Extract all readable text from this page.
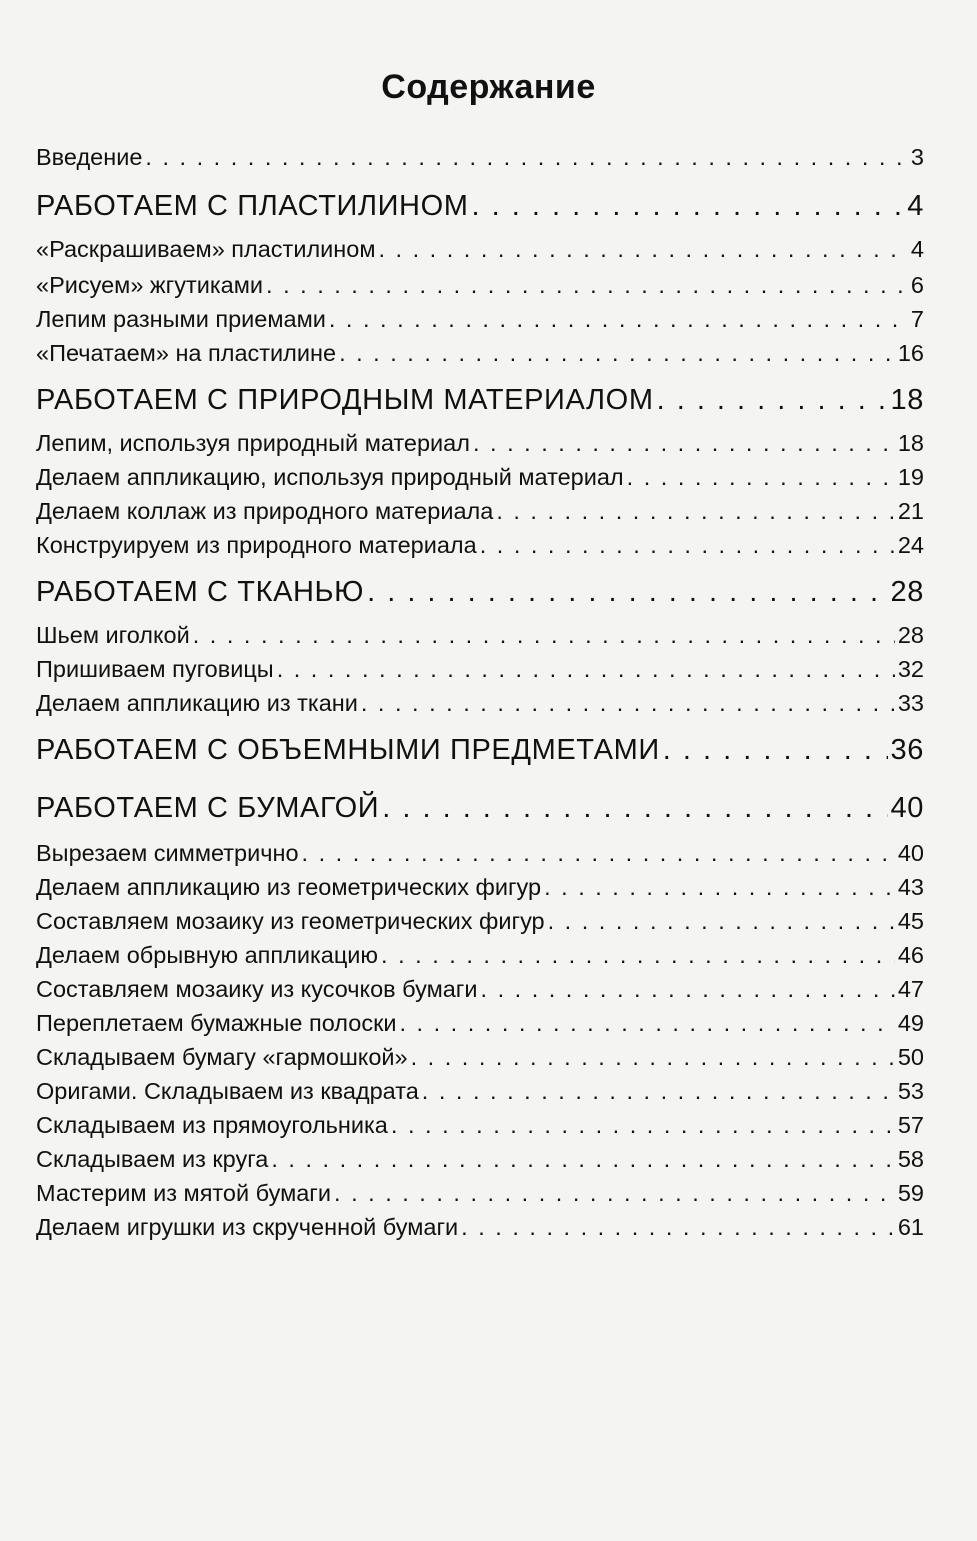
Содержание
Введение . . .	3
РАБОТАЕМ С ПЛАСТИЛИНОМ . . .	4
«Раскрашиваем» пластилином . . .	4
«Рисуем» жгутиками . . .	6
Лепим разными приемами . . .	7
«Печатаем» на пластилине . . .	16
РАБОТАЕМ С ПРИРОДНЫМ МАТЕРИАЛОМ . . .	18
Лепим, используя природный материал . . .	18
Делаем аппликацию, используя природный материал . . .	19
Делаем коллаж из природного материала . . .	21
Конструируем из природного материала . . .	24
РАБОТАЕМ С ТКАНЬЮ . . .	28
Шьем иголкой . . .	28
Пришиваем пуговицы . . .	32
Делаем аппликацию из ткани . . .	33
РАБОТАЕМ С ОБЪЕМНЫМИ ПРЕДМЕТАМИ . . .	36
РАБОТАЕМ С БУМАГОЙ . . .	40
Вырезаем симметрично . . .	40
Делаем аппликацию из геометрических фигур . . .	43
Составляем мозаику из геометрических фигур . . .	45
Делаем обрывную аппликацию . . .	46
Составляем мозаику из кусочков бумаги . . .	47
Переплетаем бумажные полоски . . .	49
Складываем бумагу «гармошкой» . . .	50
Оригами. Складываем из квадрата . . .	53
Складываем из прямоугольника . . .	57
Складываем из круга . . .	58
Мастерим из мятой бумаги . . .	59
Делаем игрушки из скрученной бумаги . . .	61
